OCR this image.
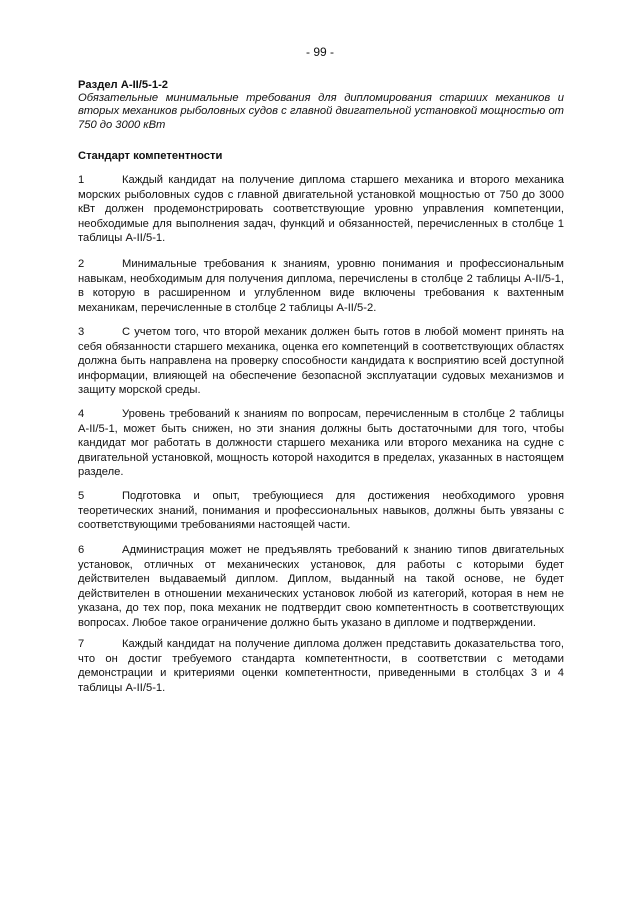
- 99 -
Раздел A-II/5-1-2
Обязательные минимальные требования для дипломирования старших механиков и вторых механиков рыболовных судов с главной двигательной установкой мощностью от 750 до 3000 кВт
Стандарт компетентности
1	Каждый кандидат на получение диплома старшего механика и второго механика морских рыболовных судов с главной двигательной установкой мощностью от 750 до 3000 кВт должен продемонстрировать соответствующие уровню управления компетенции, необходимые для выполнения задач, функций и обязанностей, перечисленных в столбце 1 таблицы A-II/5-1.
2	Минимальные требования к знаниям, уровню понимания и профессиональным навыкам, необходимым для получения диплома, перечислены в столбце 2 таблицы A-II/5-1, в которую в расширенном и углубленном виде включены требования к вахтенным механикам, перечисленные в столбце 2 таблицы A-II/5-2.
3	С учетом того, что второй механик должен быть готов в любой момент принять на себя обязанности старшего механика, оценка его компетенций в соответствующих областях должна быть направлена на проверку способности кандидата к восприятию всей доступной информации, влияющей на обеспечение безопасной эксплуатации судовых механизмов и защиту морской среды.
4	Уровень требований к знаниям по вопросам, перечисленным в столбце 2 таблицы A-II/5-1, может быть снижен, но эти знания должны быть достаточными для того, чтобы кандидат мог работать в должности старшего механика или второго механика на судне с двигательной установкой, мощность которой находится в пределах, указанных в настоящем разделе.
5	Подготовка и опыт, требующиеся для достижения необходимого уровня теоретических знаний, понимания и профессиональных навыков, должны быть увязаны с соответствующими требованиями настоящей части.
6	Администрация может не предъявлять требований к знанию типов двигательных установок, отличных от механических установок, для работы с которыми будет действителен выдаваемый диплом. Диплом, выданный на такой основе, не будет действителен в отношении механических установок любой из категорий, которая в нем не указана, до тех пор, пока механик не подтвердит свою компетентность в соответствующих вопросах. Любое такое ограничение должно быть указано в дипломе и подтверждении.
7	Каждый кандидат на получение диплома должен представить доказательства того, что он достиг требуемого стандарта компетентности, в соответствии с методами демонстрации и критериями оценки компетентности, приведенными в столбцах 3 и 4 таблицы A-II/5-1.
